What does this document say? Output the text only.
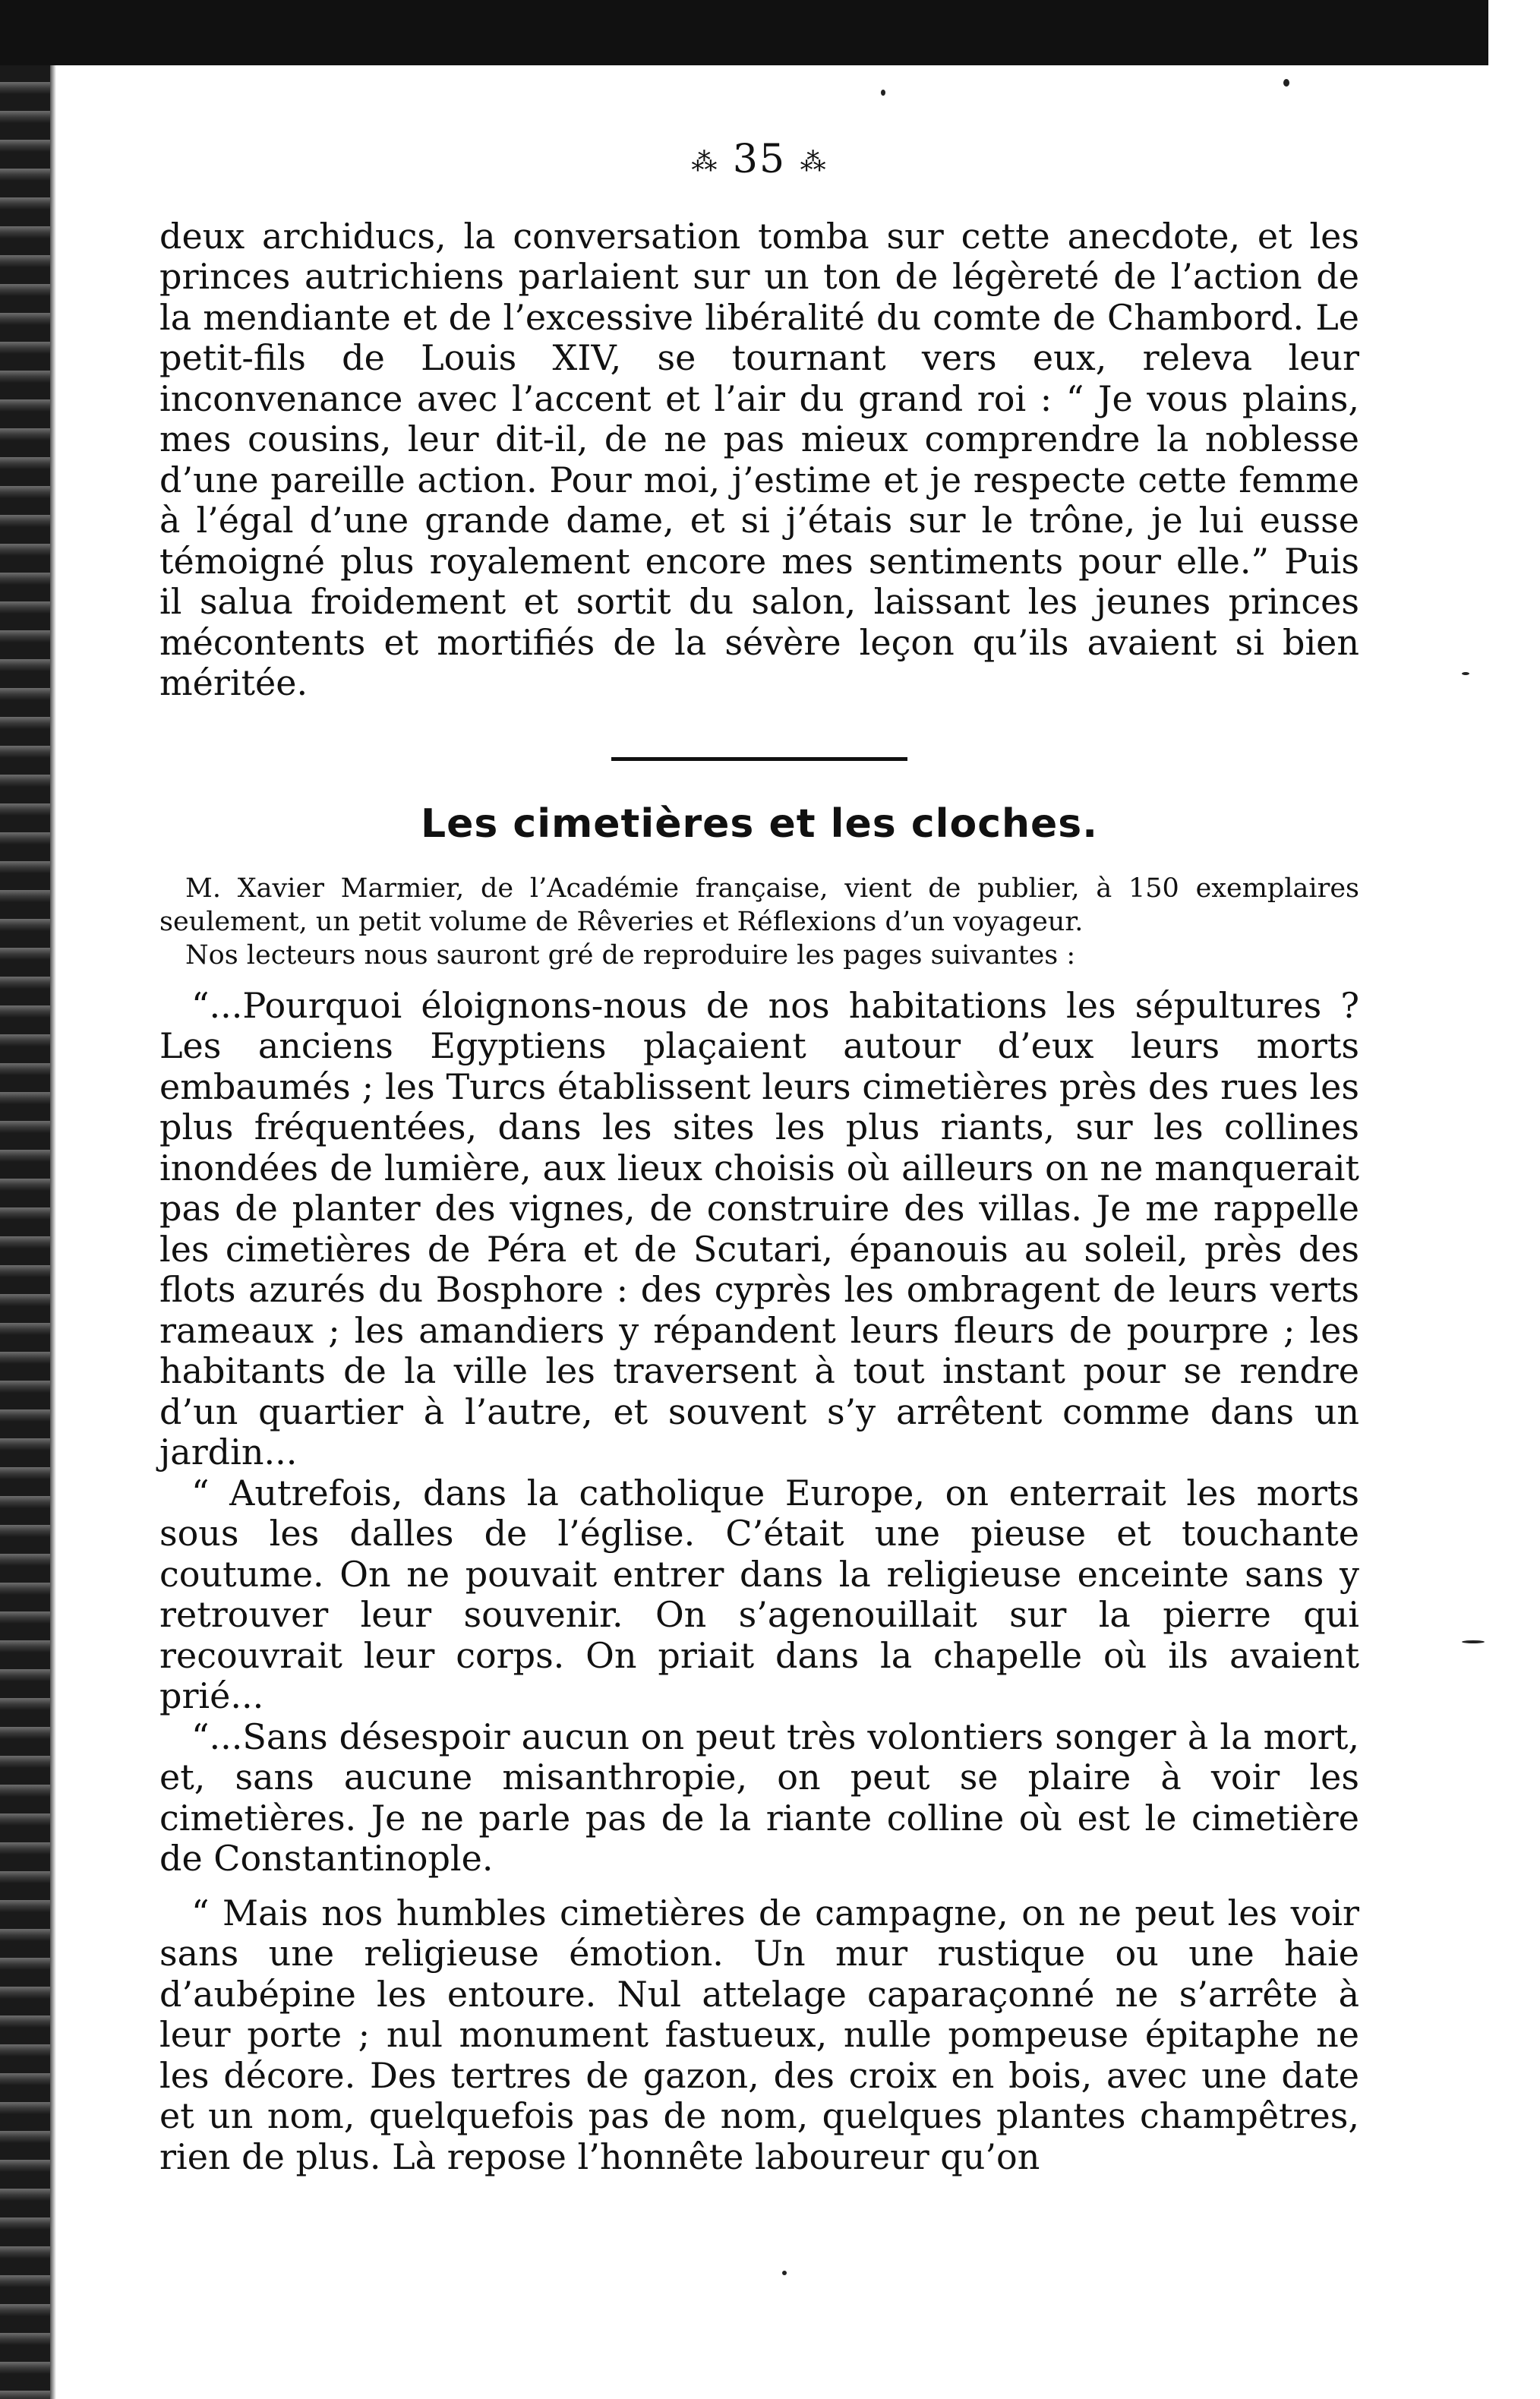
⁂ 35 ⁂

deux archiducs, la conversation tomba sur cette anecdote, et les princes autrichiens parlaient sur un ton de légèreté de l’action de la mendiante et de l’excessive libéralité du comte de Chambord. Le petit-fils de Louis XIV, se tournant vers eux, releva leur inconvenance avec l’accent et l’air du grand roi : “ Je vous plains, mes cousins, leur dit-il, de ne pas mieux comprendre la noblesse d’une pareille action. Pour moi, j’estime et je respecte cette femme à l’égal d’une grande dame, et si j’étais sur le trône, je lui eusse témoigné plus royalement encore mes sentiments pour elle.” Puis il salua froidement et sortit du salon, laissant les jeunes princes mécontents et mortifiés de la sévère leçon qu’ils avaient si bien méritée.

Les cimetières et les cloches.

M. Xavier Marmier, de l’Académie française, vient de publier, à 150 exemplaires seulement, un petit volume de Rêveries et Réflexions d’un voyageur.

Nos lecteurs nous sauront gré de reproduire les pages suivantes :

“...Pourquoi éloignons-nous de nos habitations les sépultures ? Les anciens Egyptiens plaçaient autour d’eux leurs morts embaumés ; les Turcs établissent leurs cimetières près des rues les plus fréquentées, dans les sites les plus riants, sur les collines inondées de lumière, aux lieux choisis où ailleurs on ne manquerait pas de planter des vignes, de construire des villas. Je me rappelle les cimetières de Péra et de Scutari, épanouis au soleil, près des flots azurés du Bosphore : des cyprès les ombragent de leurs verts rameaux ; les amandiers y répandent leurs fleurs de pourpre ; les habitants de la ville les traversent à tout instant pour se rendre d’un quartier à l’autre, et souvent s’y arrêtent comme dans un jardin...

“ Autrefois, dans la catholique Europe, on enterrait les morts sous les dalles de l’église. C’était une pieuse et touchante coutume. On ne pouvait entrer dans la religieuse enceinte sans y retrouver leur souvenir. On s’agenouillait sur la pierre qui recouvrait leur corps. On priait dans la chapelle où ils avaient prié...

“...Sans désespoir aucun on peut très volontiers songer à la mort, et, sans aucune misanthropie, on peut se plaire à voir les cimetières. Je ne parle pas de la riante colline où est le cimetière de Constantinople.

“ Mais nos humbles cimetières de campagne, on ne peut les voir sans une religieuse émotion. Un mur rustique ou une haie d’aubépine les entoure. Nul attelage caparaçonné ne s’arrête à leur porte ; nul monument fastueux, nulle pompeuse épitaphe ne les décore. Des tertres de gazon, des croix en bois, avec une date et un nom, quelquefois pas de nom, quelques plantes champêtres, rien de plus. Là repose l’honnête laboureur qu’on
